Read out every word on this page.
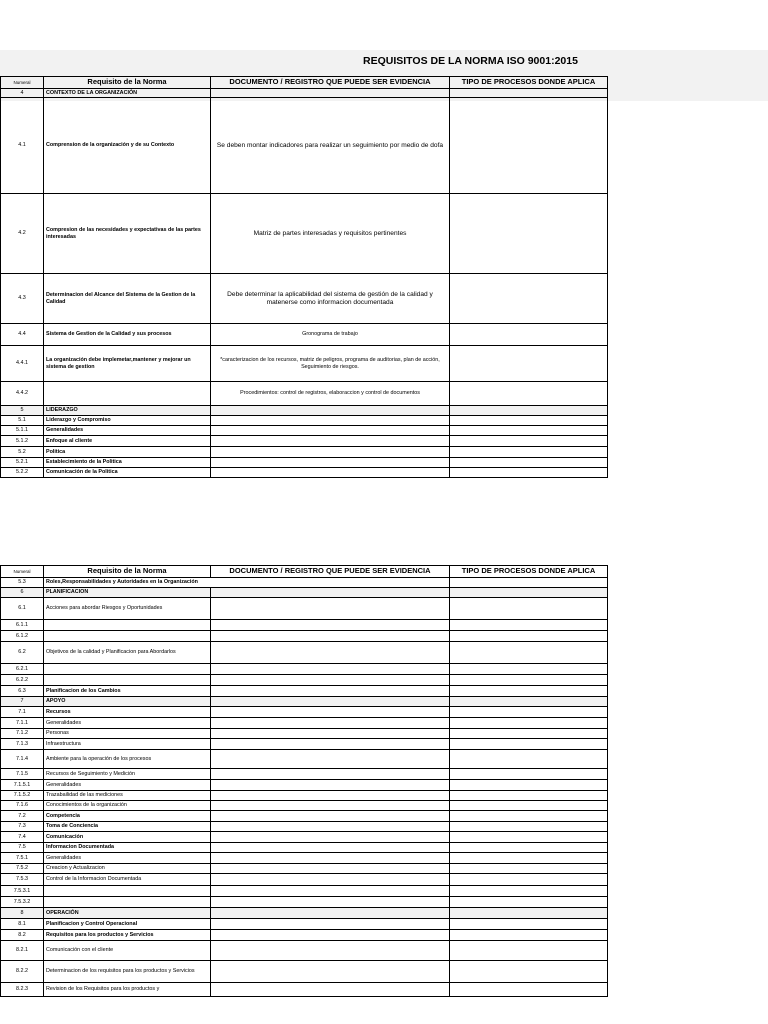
REQUISITOS DE LA NORMA ISO 9001:2015
Numeral	Requisito de la Norma	DOCUMENTO / REGISTRO QUE PUEDE SER EVIDENCIA	TIPO DE PROCESOS DONDE APLICA
4	CONTEXTO DE LA ORGANIZACIÓN		
4.1	Comprension de la organización y de su Contexto	Se deben montar indicadores para realizar un seguimiento por medio de dofa	
4.2	Compresion de las necesidades y expectativas de las partes interesadas	Matriz de partes interesadas y requisitos pertinentes	
4.3	Determinacion del Alcance del Sistema de la Gestion de la Calidad	Debe determinar la aplicabilidad del sistema de gestión de la calidad y matenerse como informacion documentada	
4.4	Sistema de Gestion de la Calidad y sus procesos	Gronograma de trabajo	
4.4.1	La organización debe implemetar,mantener y mejorar un sistema de gestion	*caracterizacion de los recursos, matriz de peligros, programa de auditorias, plan de acción, Seguimiento de riesgos.	
4.4.2		Procedimientos: control de registros, elaboraccion y control de documentos	
5	LIDERAZGO		
5.1	Liderazgo y Compromiso		
5.1.1	Generalidades		
5.1.2	Enfoque al cliente		
5.2	Politica		
5.2.1	Establecimiento de la Politica		
5.2.2	Comunicación de la Politica		
Numeral	Requisito de la Norma	DOCUMENTO / REGISTRO QUE PUEDE SER EVIDENCIA	TIPO DE PROCESOS DONDE APLICA
5.3	Roles,Responsabilidades y Autoridades en la Organización		
6	PLANIFICACION		
6.1	Acciones para abordar Riesgos y Oportunidades		
6.1.1			
6.1.2			
6.2	Objetivos de la calidad y Planificacion para Abordarlos		
6.2.1			
6.2.2			
6.3	Planificacion de los Cambios		
7	APOYO		
7.1	Recursos		
7.1.1	Generalidades		
7.1.2	Personas		
7.1.3	Infraestructura		
7.1.4	Ambiente para la operación de los procesos		
7.1.5	Recursos de Seguimiento y Medición		
7.1.5.1	Generalidades		
7.1.5.2	Trazabailidad de las mediciones		
7.1.6	Conocimientos de la organización		
7.2	Competencia		
7.3	Toma de Conciencia		
7.4	Comunicación		
7.5	Informacion Documentada		
7.5.1	Generalidades		
7.5.2	Creacion y Actualizacion		
7.5.3	Control de la Informacion Documentada		
7.5.3.1			
7.5.3.2			
8	OPERACIÓN		
8.1	Planificacion y Control Operacional		
8.2	Requisitos para los productos y Servicios		
8.2.1	Comunicación con el cliente		
8.2.2	Determinacion de los requisitos para los productos y Servicios		
8.2.3	Revision de los Requisitos para los productos y		
